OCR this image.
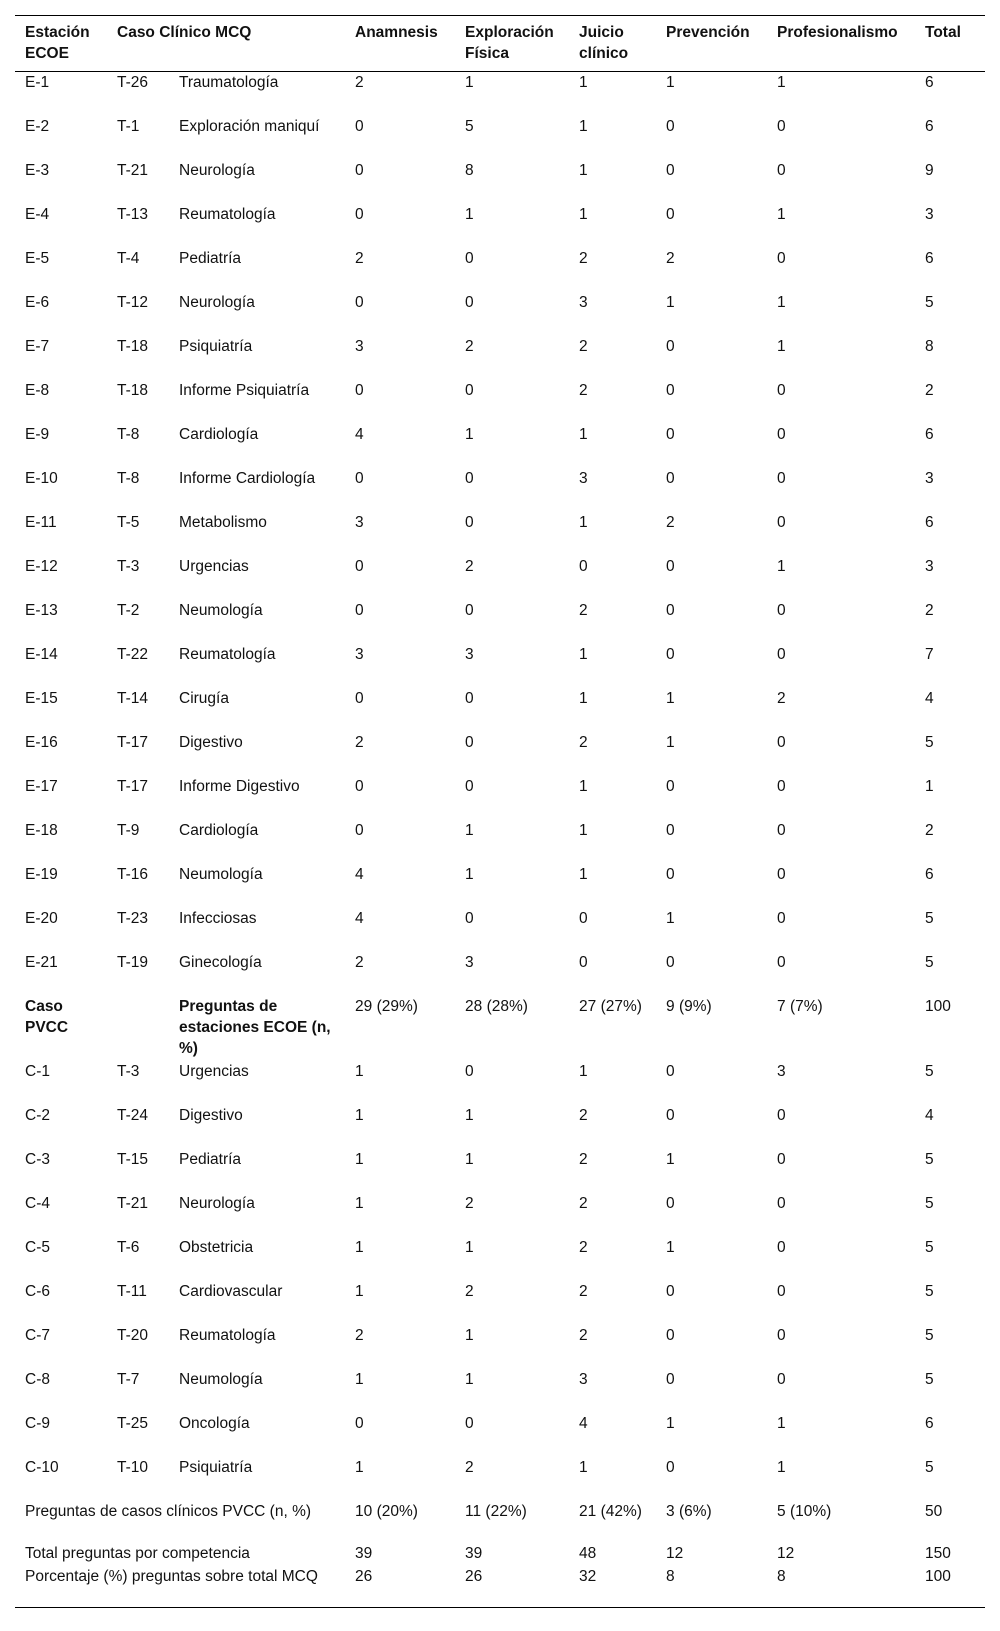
Estación ECOE	Caso Clínico MCQ		Anamnesis	Exploración Física	Juicio clínico	Prevención	Profesionalismo	Total
E-1	T-26	Traumatología	2	1	1	1	1	6
E-2	T-1	Exploración maniquí	0	5	1	0	0	6
E-3	T-21	Neurología	0	8	1	0	0	9
E-4	T-13	Reumatología	0	1	1	0	1	3
E-5	T-4	Pediatría	2	0	2	2	0	6
E-6	T-12	Neurología	0	0	3	1	1	5
E-7	T-18	Psiquiatría	3	2	2	0	1	8
E-8	T-18	Informe Psiquiatría	0	0	2	0	0	2
E-9	T-8	Cardiología	4	1	1	0	0	6
E-10	T-8	Informe Cardiología	0	0	3	0	0	3
E-11	T-5	Metabolismo	3	0	1	2	0	6
E-12	T-3	Urgencias	0	2	0	0	1	3
E-13	T-2	Neumología	0	0	2	0	0	2
E-14	T-22	Reumatología	3	3	1	0	0	7
E-15	T-14	Cirugía	0	0	1	1	2	4
E-16	T-17	Digestivo	2	0	2	1	0	5
E-17	T-17	Informe Digestivo	0	0	1	0	0	1
E-18	T-9	Cardiología	0	1	1	0	0	2
E-19	T-16	Neumología	4	1	1	0	0	6
E-20	T-23	Infecciosas	4	0	0	1	0	5
E-21	T-19	Ginecología	2	3	0	0	0	5
Caso PVCC		Preguntas de estaciones ECOE (n, %)	29 (29%)	28 (28%)	27 (27%)	9 (9%)	7 (7%)	100
C-1	T-3	Urgencias	1	0	1	0	3	5
C-2	T-24	Digestivo	1	1	2	0	0	4
C-3	T-15	Pediatría	1	1	2	1	0	5
C-4	T-21	Neurología	1	2	2	0	0	5
C-5	T-6	Obstetricia	1	1	2	1	0	5
C-6	T-11	Cardiovascular	1	2	2	0	0	5
C-7	T-20	Reumatología	2	1	2	0	0	5
C-8	T-7	Neumología	1	1	3	0	0	5
C-9	T-25	Oncología	0	0	4	1	1	6
C-10	T-10	Psiquiatría	1	2	1	0	1	5
Preguntas de casos clínicos PVCC (n, %)			10 (20%)	11 (22%)	21 (42%)	3 (6%)	5 (10%)	50
Total preguntas por competencia			39	39	48	12	12	150
Porcentaje (%) preguntas sobre total MCQ			26	26	32	8	8	100
